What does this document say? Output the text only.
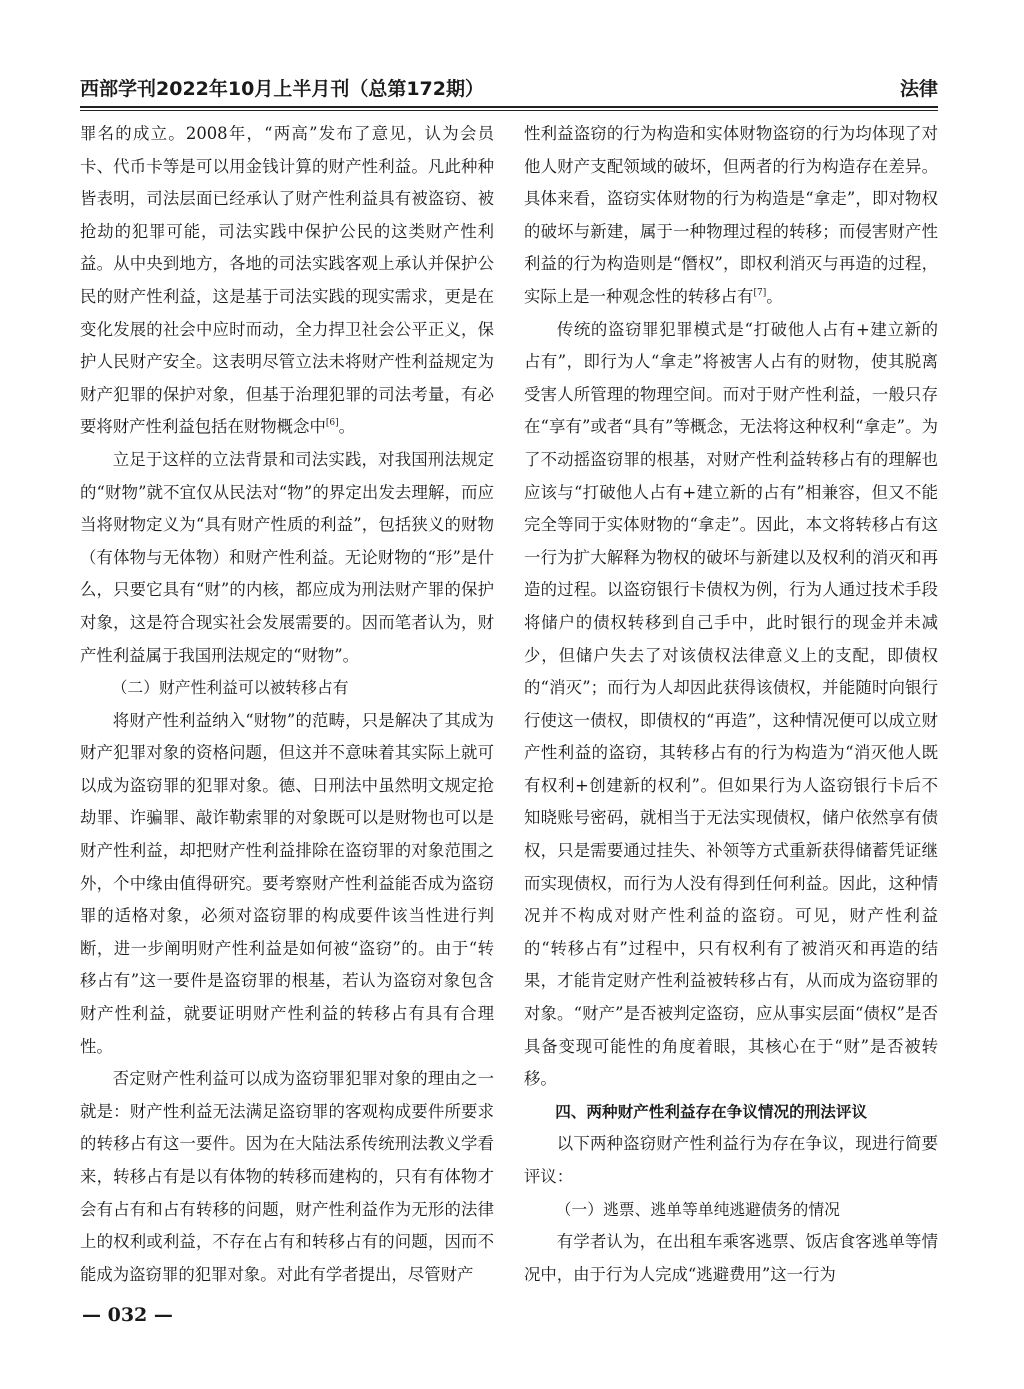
西部学刊2022年10月上半月刊（总第172期）	法律

罪名的成立。2008年，“两高”发布了意见，认为会员卡、代币卡等是可以用金钱计算的财产性利益。凡此种种皆表明，司法层面已经承认了财产性利益具有被盗窃、被抢劫的犯罪可能，司法实践中保护公民的这类财产性利益。从中央到地方，各地的司法实践客观上承认并保护公民的财产性利益，这是基于司法实践的现实需求，更是在变化发展的社会中应时而动，全力捍卫社会公平正义，保护人民财产安全。这表明尽管立法未将财产性利益规定为财产犯罪的保护对象，但基于治理犯罪的司法考量，有必要将财产性利益包括在财物概念中[6]。

立足于这样的立法背景和司法实践，对我国刑法规定的“财物”就不宜仅从民法对“物”的界定出发去理解，而应当将财物定义为“具有财产性质的利益”，包括狭义的财物（有体物与无体物）和财产性利益。无论财物的“形”是什么，只要它具有“财”的内核，都应成为刑法财产罪的保护对象，这是符合现实社会发展需要的。因而笔者认为，财产性利益属于我国刑法规定的“财物”。

（二）财产性利益可以被转移占有

将财产性利益纳入“财物”的范畴，只是解决了其成为财产犯罪对象的资格问题，但这并不意味着其实际上就可以成为盗窃罪的犯罪对象。德、日刑法中虽然明文规定抢劫罪、诈骗罪、敲诈勒索罪的对象既可以是财物也可以是财产性利益，却把财产性利益排除在盗窃罪的对象范围之外，个中缘由值得研究。要考察财产性利益能否成为盗窃罪的适格对象，必须对盗窃罪的构成要件该当性进行判断，进一步阐明财产性利益是如何被“盗窃”的。由于“转移占有”这一要件是盗窃罪的根基，若认为盗窃对象包含财产性利益，就要证明财产性利益的转移占有具有合理性。

否定财产性利益可以成为盗窃罪犯罪对象的理由之一就是：财产性利益无法满足盗窃罪的客观构成要件所要求的转移占有这一要件。因为在大陆法系传统刑法教义学看来，转移占有是以有体物的转移而建构的，只有有体物才会有占有和占有转移的问题，财产性利益作为无形的法律上的权利或利益，不存在占有和转移占有的问题，因而不能成为盗窃罪的犯罪对象。对此有学者提出，尽管财产

性利益盗窃的行为构造和实体财物盗窃的行为均体现了对他人财产支配领域的破坏，但两者的行为构造存在差异。具体来看，盗窃实体财物的行为构造是“拿走”，即对物权的破坏与新建，属于一种物理过程的转移；而侵害财产性利益的行为构造则是“僭权”，即权利消灭与再造的过程，实际上是一种观念性的转移占有[7]。

传统的盗窃罪犯罪模式是“打破他人占有+建立新的占有”，即行为人“拿走”将被害人占有的财物，使其脱离受害人所管理的物理空间。而对于财产性利益，一般只存在“享有”或者“具有”等概念，无法将这种权利“拿走”。为了不动摇盗窃罪的根基，对财产性利益转移占有的理解也应该与“打破他人占有+建立新的占有”相兼容，但又不能完全等同于实体财物的“拿走”。因此，本文将转移占有这一行为扩大解释为物权的破坏与新建以及权利的消灭和再造的过程。以盗窃银行卡债权为例，行为人通过技术手段将储户的债权转移到自己手中，此时银行的现金并未减少，但储户失去了对该债权法律意义上的支配，即债权的“消灭”；而行为人却因此获得该债权，并能随时向银行行使这一债权，即债权的“再造”，这种情况便可以成立财产性利益的盗窃，其转移占有的行为构造为“消灭他人既有权利+创建新的权利”。但如果行为人盗窃银行卡后不知晓账号密码，就相当于无法实现债权，储户依然享有债权，只是需要通过挂失、补领等方式重新获得储蓄凭证继而实现债权，而行为人没有得到任何利益。因此，这种情况并不构成对财产性利益的盗窃。可见，财产性利益的“转移占有”过程中，只有权利有了被消灭和再造的结果，才能肯定财产性利益被转移占有，从而成为盗窃罪的对象。“财产”是否被判定盗窃，应从事实层面“债权”是否具备变现可能性的角度着眼，其核心在于“财”是否被转移。

四、两种财产性利益存在争议情况的刑法评议

以下两种盗窃财产性利益行为存在争议，现进行简要评议：

（一）逃票、逃单等单纯逃避债务的情况

有学者认为，在出租车乘客逃票、饭店食客逃单等情况中，由于行为人完成“逃避费用”这一行为

— 032 —
